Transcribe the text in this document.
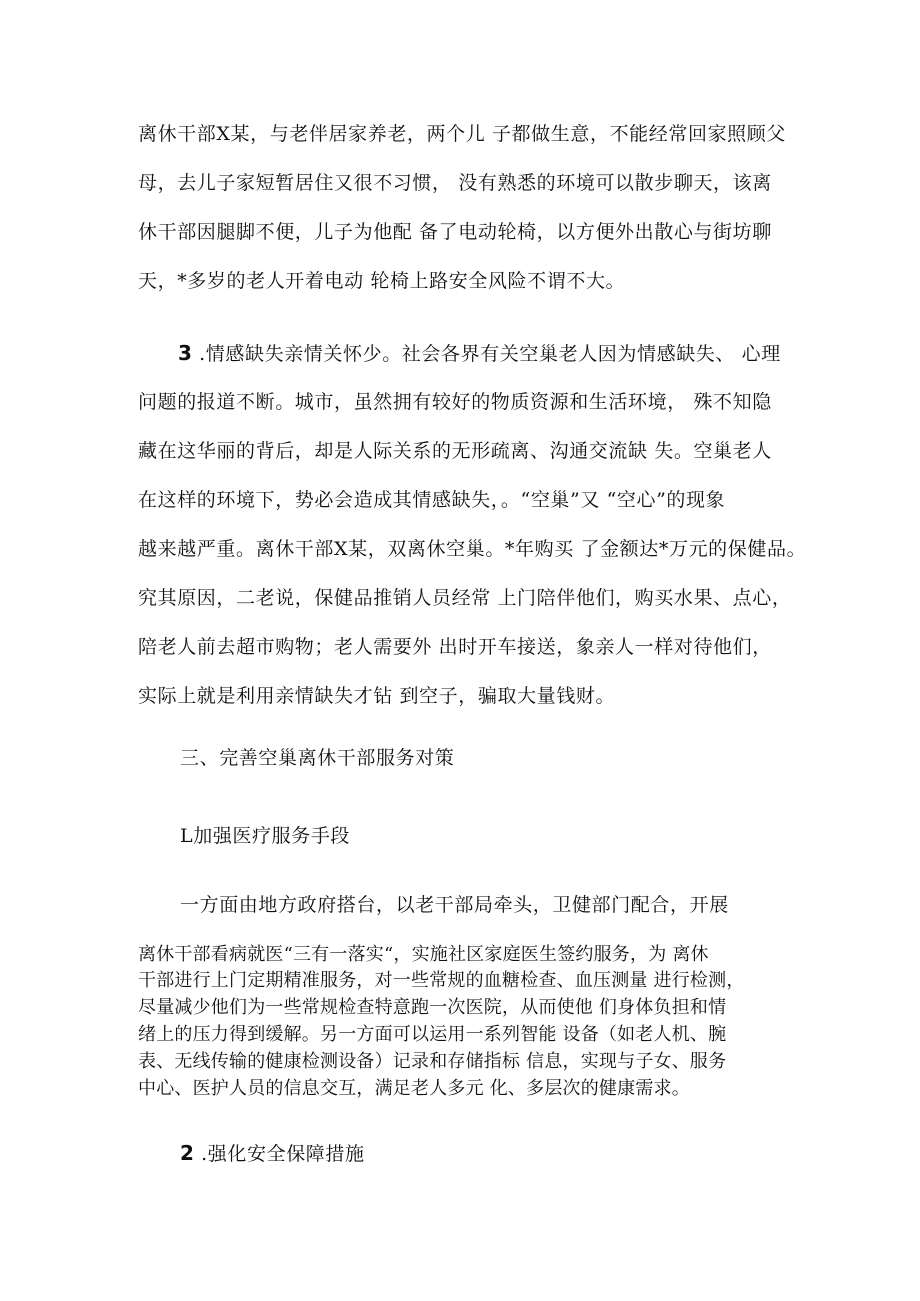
离休干部X某，与老伴居家养老，两个儿 子都做生意，不能经常回家照顾父

母，去儿子家短暂居住又很不习惯， 没有熟悉的环境可以散步聊天，该离

休干部因腿脚不便，儿子为他配 备了电动轮椅，以方便外出散心与街坊聊

天，*多岁的老人开着电动 轮椅上路安全风险不谓不大。

3 .情感缺失亲情关怀少。社会各界有关空巢老人因为情感缺失、 心理

问题的报道不断。城市，虽然拥有较好的物质资源和生活环境， 殊不知隐

藏在这华丽的背后，却是人际关系的无形疏离、沟通交流缺 失。空巢老人

在这样的环境下，势必会造成其情感缺失，。“空巢”又 “空心”的现象

越来越严重。离休干部X某，双离休空巢。*年购买 了金额达*万元的保健品。

究其原因，二老说，保健品推销人员经常 上门陪伴他们，购买水果、点心，

陪老人前去超市购物；老人需要外 出时开车接送，象亲人一样对待他们，

实际上就是利用亲情缺失才钻 到空子，骗取大量钱财。

三、完善空巢离休干部服务对策

L加强医疗服务手段

一方面由地方政府搭台，以老干部局牵头，卫健部门配合，开展

离休干部看病就医“三有一落实“，实施社区家庭医生签约服务，为 离休

干部进行上门定期精准服务，对一些常规的血糖检查、血压测量 进行检测，

尽量减少他们为一些常规检查特意跑一次医院，从而使他 们身体负担和情

绪上的压力得到缓解。另一方面可以运用一系列智能 设备（如老人机、腕

表、无线传输的健康检测设备）记录和存储指标 信息，实现与子女、服务

中心、医护人员的信息交互，满足老人多元 化、多层次的健康需求。

2 .强化安全保障措施
